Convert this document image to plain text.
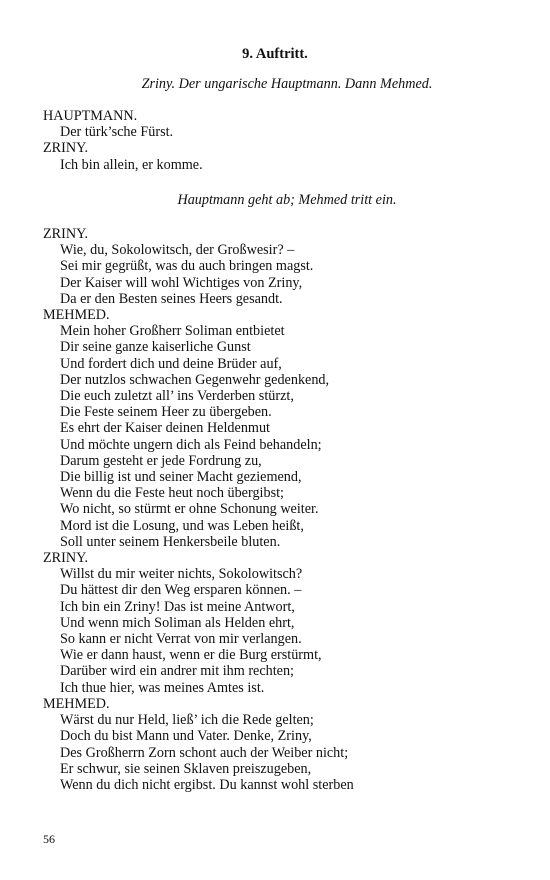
9. Auftritt.
Zriny. Der ungarische Hauptmann. Dann Mehmed.
HAUPTMANN.
Der türk’sche Fürst.
ZRINY.
Ich bin allein, er komme.
Hauptmann geht ab; Mehmed tritt ein.
ZRINY.
Wie, du, Sokolowitsch, der Großwesir? –
Sei mir gegrüßt, was du auch bringen magst.
Der Kaiser will wohl Wichtiges von Zriny,
Da er den Besten seines Heers gesandt.
MEHMED.
Mein hoher Großherr Soliman entbietet
Dir seine ganze kaiserliche Gunst
Und fordert dich und deine Brüder auf,
Der nutzlos schwachen Gegenwehr gedenkend,
Die euch zuletzt all’ ins Verderben stürzt,
Die Feste seinem Heer zu übergeben.
Es ehrt der Kaiser deinen Heldenmut
Und möchte ungern dich als Feind behandeln;
Darum gesteht er jede Fordrung zu,
Die billig ist und seiner Macht geziemend,
Wenn du die Feste heut noch übergibst;
Wo nicht, so stürmt er ohne Schonung weiter.
Mord ist die Losung, und was Leben heißt,
Soll unter seinem Henkersbeile bluten.
ZRINY.
Willst du mir weiter nichts, Sokolowitsch?
Du hättest dir den Weg ersparen können. –
Ich bin ein Zriny! Das ist meine Antwort,
Und wenn mich Soliman als Helden ehrt,
So kann er nicht Verrat von mir verlangen.
Wie er dann haust, wenn er die Burg erstürmt,
Darüber wird ein andrer mit ihm rechten;
Ich thue hier, was meines Amtes ist.
MEHMED.
Wärst du nur Held, ließ’ ich die Rede gelten;
Doch du bist Mann und Vater. Denke, Zriny,
Des Großherrn Zorn schont auch der Weiber nicht;
Er schwur, sie seinen Sklaven preiszugeben,
Wenn du dich nicht ergibst. Du kannst wohl sterben
56
